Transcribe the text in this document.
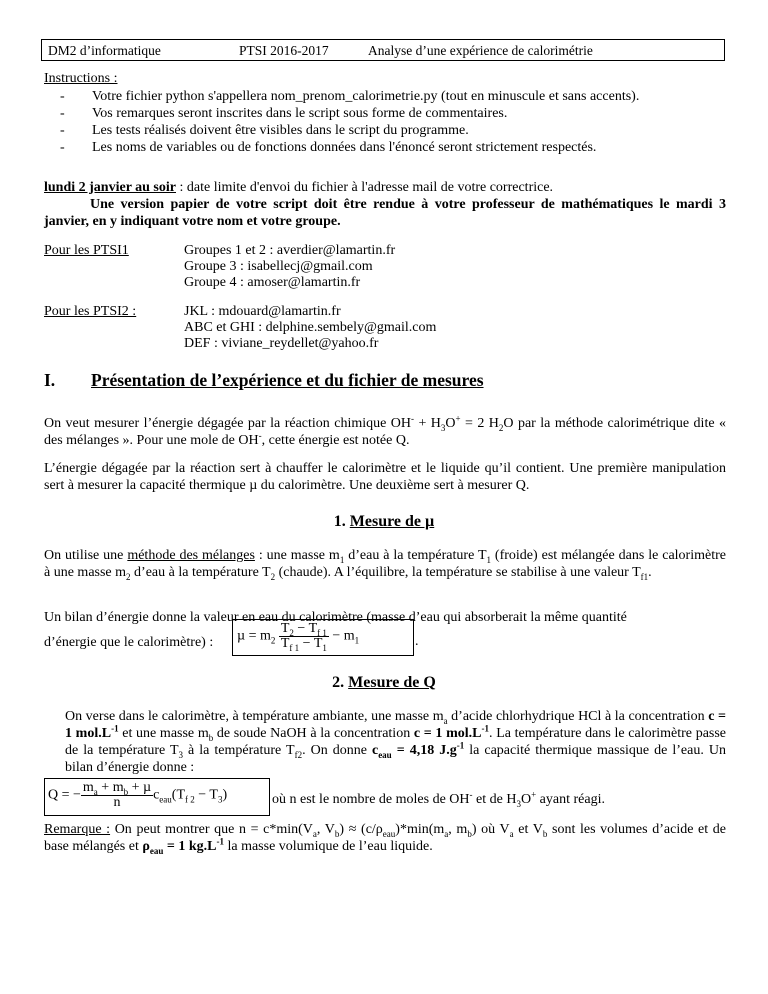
DM2 d’informatique	PTSI 2016-2017	Analyse d’une expérience de calorimétrie
Instructions :
- Votre fichier python s'appellera nom_prenom_calorimetrie.py (tout en minuscule et sans accents).
- Vos remarques seront inscrites dans le script sous forme de commentaires.
- Les tests réalisés doivent être visibles dans le script du programme.
- Les noms de variables ou de fonctions données dans l'énoncé seront strictement respectés.
lundi 2 janvier au soir : date limite d'envoi du fichier à l'adresse mail de votre correctrice.
Une version papier de votre script doit être rendue à votre professeur de mathématiques le mardi 3 janvier, en y indiquant votre nom et votre groupe.
Pour les PTSI1	Groupes 1 et 2 : averdier@lamartin.fr
Groupe 3 : isabellecj@gmail.com
Groupe 4 : amoser@lamartin.fr
Pour les PTSI2 :	JKL : mdouard@lamartin.fr
ABC et GHI : delphine.sembely@gmail.com
DEF : viviane_reydellet@yahoo.fr
I. Présentation de l’expérience et du fichier de mesures
On veut mesurer l’énergie dégagée par la réaction chimique $OH^- + H_3O^+ = 2$ $H_2O$ par la méthode calorimétrique dite « des mélanges ». Pour une mole de OH-, cette énergie est notée Q.
L’énergie dégagée par la réaction sert à chauffer le calorimètre et le liquide qu’il contient. Une première manipulation sert à mesurer la capacité thermique µ du calorimètre. Une deuxième sert à mesurer Q.
1. Mesure de µ
On utilise une méthode des mélanges : une masse $m_1$ d’eau à la température $T_1$ (froide) est mélangée dans le calorimètre à une masse $m_2$ d’eau à la température $T_2$ (chaude). A l’équilibre, la température se stabilise à une valeur $T_{f1}$.
Un bilan d’énergie donne la valeur en eau du calorimètre (masse d’eau qui absorberait la même quantité
d’énergie que le calorimètre) :	$\mu = m_2 \frac{T_2 - T_{f 1}}{T_{f 1} - T_1} - m_1$	.
2. Mesure de Q
On verse dans le calorimètre, à température ambiante, une masse $m_a$ d’acide chlorhydrique HCl à la concentration c = 1 $mol.L^{-1}$ et une masse $m_b$ de soude NaOH à la concentration c = 1 $mol.L^{-1}$. La température dans le calorimètre passe de la température $T_3$ à la température $T_{f2}$. On donne $c_{eau} = 4,18$ $J.g^{-1}$ la capacité thermique massique de l’eau. Un bilan d’énergie donne :
Q = − $\frac{m_a + m_b + \mu}{n} c_{eau}(T_{f 2} - T_3)$	où n est le nombre de moles de OH- et de $H_3O^+$ ayant réagi.
Remarque : On peut montrer que $n = c*\min(V_a$, $V_b) \approx (c/\rho_{eau})*\min(m_a$, $m_b$) où $V_a$ et $V_b$ sont les volumes d’acide et de base mélangés et $\rho_{eau} = 1$ $kg.L^{-1}$ la masse volumique de l’eau liquide.
